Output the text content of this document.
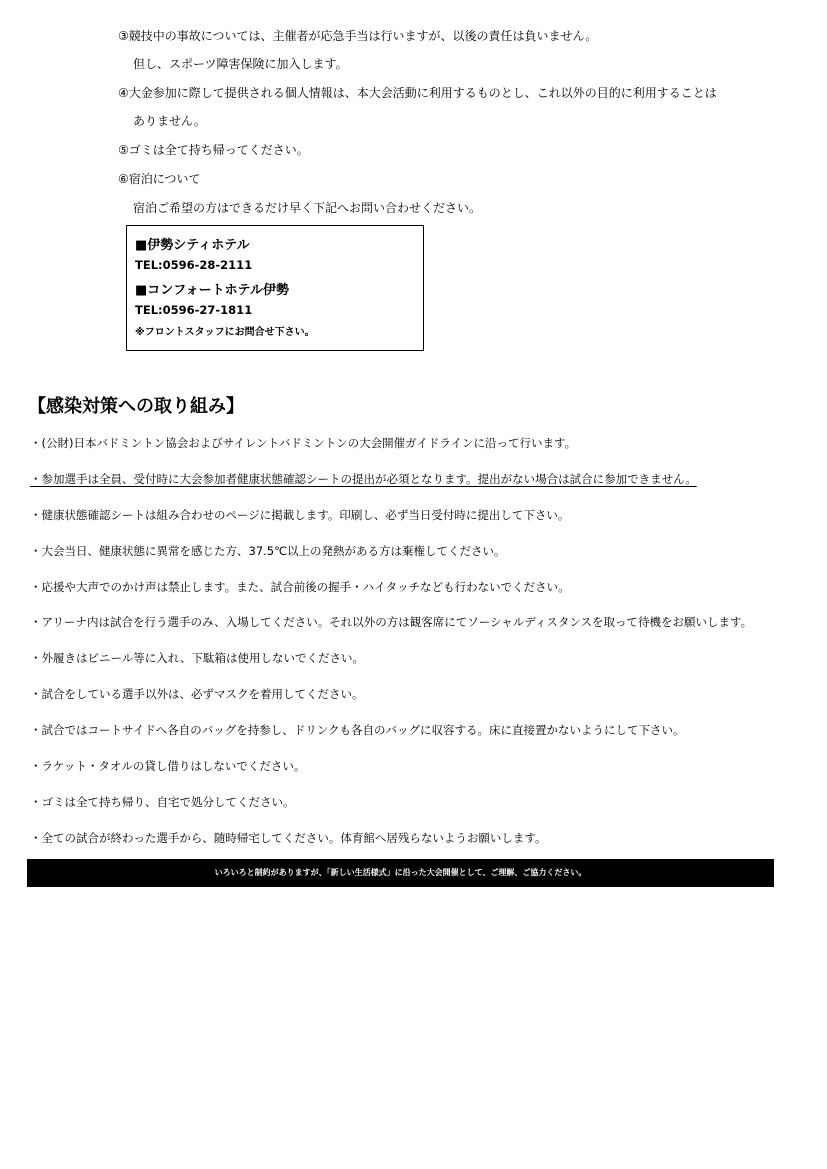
③競技中の事故については、主催者が応急手当は行いますが、以後の責任は負いません。
但し、スポーツ障害保険に加入します。
④大金参加に際して提供される個人情報は、本大会活動に利用するものとし、これ以外の目的に利用することは
ありません。
⑤ゴミは全て持ち帰ってください。
⑥宿泊について
宿泊ご希望の方はできるだけ早く下記へお問い合わせください。
■伊勢シティホテル
TEL:0596-28-2111
■コンフォートホテル伊勢
TEL:0596-27-1811
※フロントスタッフにお問合せ下さい。
【感染対策への取り組み】
・(公財)日本バドミントン協会およびサイレントバドミントンの大会開催ガイドラインに沿って行います。
・参加選手は全員、受付時に大会参加者健康状態確認シートの提出が必須となります。提出がない場合は試合に参加できません。
・健康状態確認シートは組み合わせのページに掲載します。印刷し、必ず当日受付時に提出して下さい。
・大会当日、健康状態に異常を感じた方、37.5℃以上の発熱がある方は棄権してください。
・応援や大声でのかけ声は禁止します。また、試合前後の握手・ハイタッチなども行わないでください。
・アリーナ内は試合を行う選手のみ、入場してください。それ以外の方は観客席にてソーシャルディスタンスを取って待機をお願いします。
・外履きはビニール等に入れ、下駄箱は使用しないでください。
・試合をしている選手以外は、必ずマスクを着用してください。
・試合ではコートサイドへ各自のバッグを持参し、ドリンクも各自のバッグに収容する。床に直接置かないようにして下さい。
・ラケット・タオルの貸し借りはしないでください。
・ゴミは全て持ち帰り、自宅で処分してください。
・全ての試合が終わった選手から、随時帰宅してください。体育館へ居残らないようお願いします。
いろいろと制約がありますが、「新しい生活様式」に沿った大会開催として、ご理解、ご協力ください。
